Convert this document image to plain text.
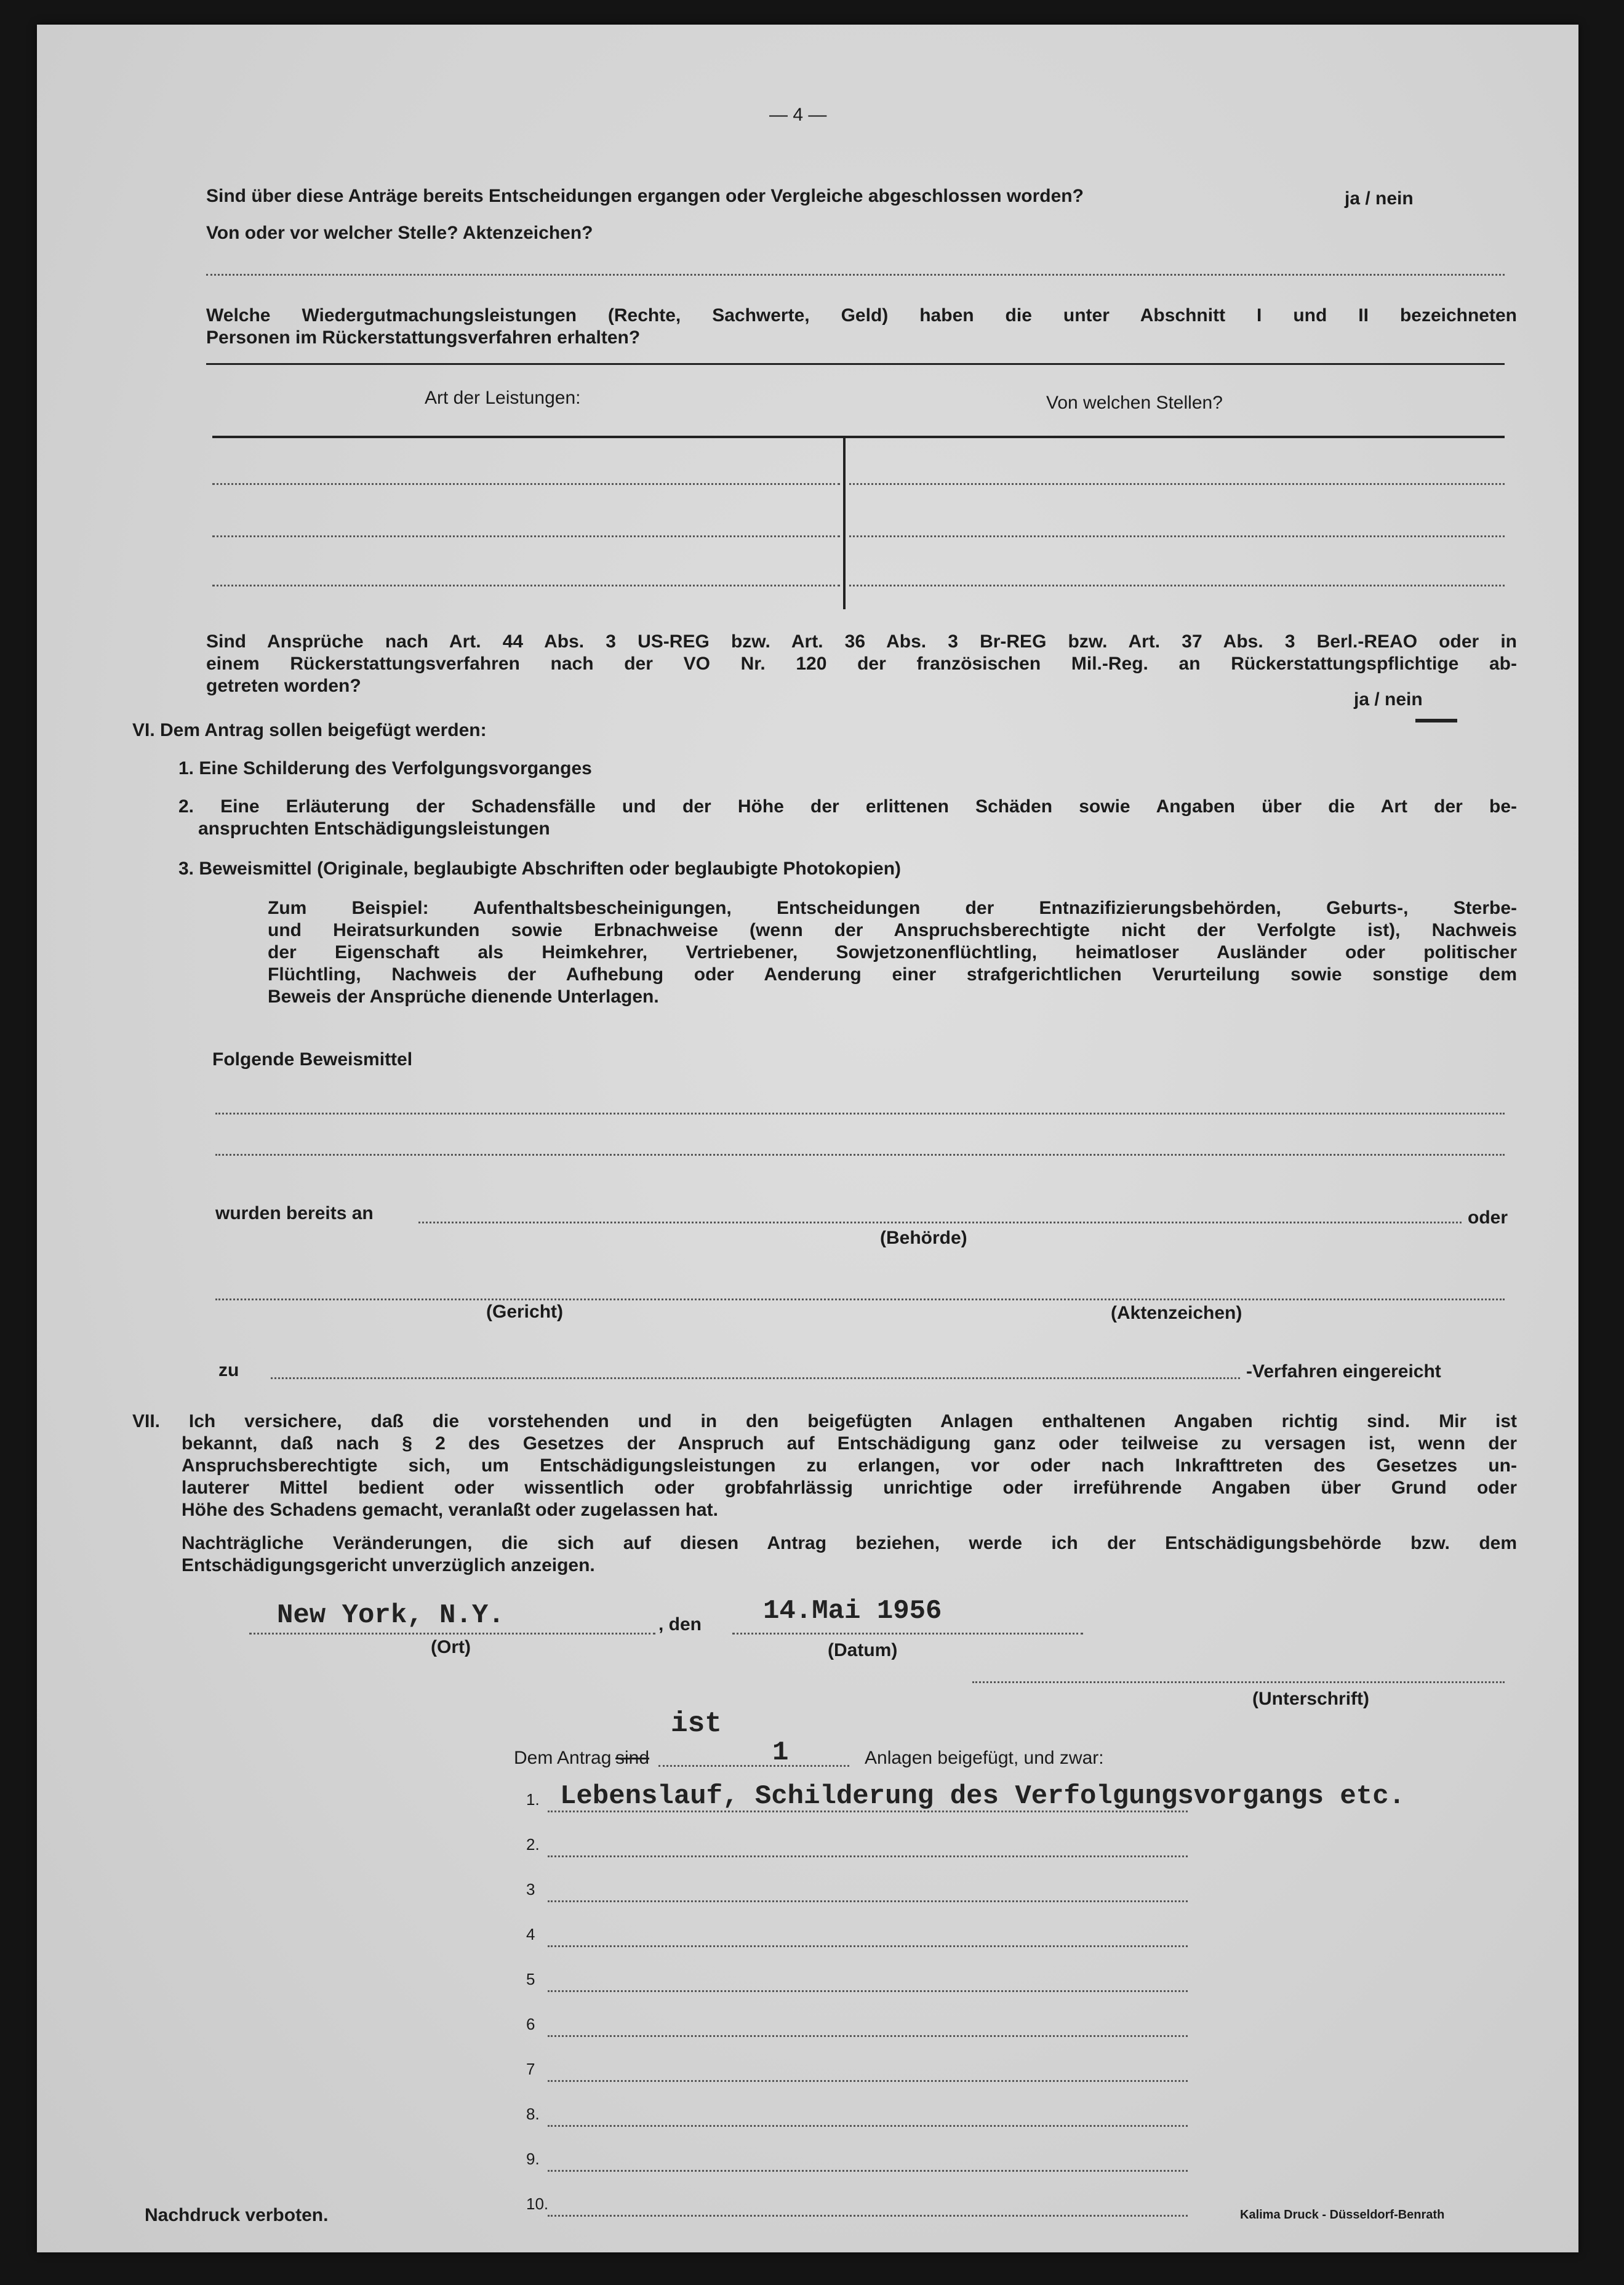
— 4 —
Sind über diese Anträge bereits Entscheidungen ergangen oder Vergleiche abgeschlossen worden?	ja / nein
Von oder vor welcher Stelle? Aktenzeichen?
Welche Wiedergutmachungsleistungen (Rechte, Sachwerte, Geld) haben die unter Abschnitt I und II bezeichneten
Personen im Rückerstattungsverfahren erhalten?
Art der Leistungen:	Von welchen Stellen?
Sind Ansprüche nach Art. 44 Abs. 3 US-REG bzw. Art. 36 Abs. 3 Br-REG bzw. Art. 37 Abs. 3 Berl.-REAO oder in
einem Rückerstattungsverfahren nach der VO Nr. 120 der französischen Mil.-Reg. an Rückerstattungspflichtige ab-
getreten worden?
ja / nein
VI. Dem Antrag sollen beigefügt werden:
1. Eine Schilderung des Verfolgungsvorganges
2. Eine Erläuterung der Schadensfälle und der Höhe der erlittenen Schäden sowie Angaben über die Art der be-
anspruchten Entschädigungsleistungen
3. Beweismittel (Originale, beglaubigte Abschriften oder beglaubigte Photokopien)
Zum Beispiel: Aufenthaltsbescheinigungen, Entscheidungen der Entnazifizierungsbehörden, Geburts-, Sterbe-
und Heiratsurkunden sowie Erbnachweise (wenn der Anspruchsberechtigte nicht der Verfolgte ist), Nachweis
der Eigenschaft als Heimkehrer, Vertriebener, Sowjetzonenflüchtling, heimatloser Ausländer oder politischer
Flüchtling, Nachweis der Aufhebung oder Aenderung einer strafgerichtlichen Verurteilung sowie sonstige dem
Beweis der Ansprüche dienende Unterlagen.
Folgende Beweismittel
wurden bereits an	oder
(Behörde)
(Gericht)	(Aktenzeichen)
zu	-Verfahren eingereicht
VII. Ich versichere, daß die vorstehenden und in den beigefügten Anlagen enthaltenen Angaben richtig sind. Mir ist
bekannt, daß nach § 2 des Gesetzes der Anspruch auf Entschädigung ganz oder teilweise zu versagen ist, wenn der
Anspruchsberechtigte sich, um Entschädigungsleistungen zu erlangen, vor oder nach Inkrafttreten des Gesetzes un-
lauterer Mittel bedient oder wissentlich oder grobfahrlässig unrichtige oder irreführende Angaben über Grund oder
Höhe des Schadens gemacht, veranlaßt oder zugelassen hat.
Nachträgliche Veränderungen, die sich auf diesen Antrag beziehen, werde ich der Entschädigungsbehörde bzw. dem
Entschädigungsgericht unverzüglich anzeigen.
New York, N.Y.	, den 14.Mai 1956
(Ort)	(Datum)
(Unterschrift)
ist
Dem Antrag sind	1	Anlagen beigefügt, und zwar:
1. Lebenslauf, Schilderung des Verfolgungsvorgangs etc.
2.
3
4
5
6
7
8.
9.
10.
Nachdruck verboten.	Kalima Druck - Düsseldorf-Benrath
